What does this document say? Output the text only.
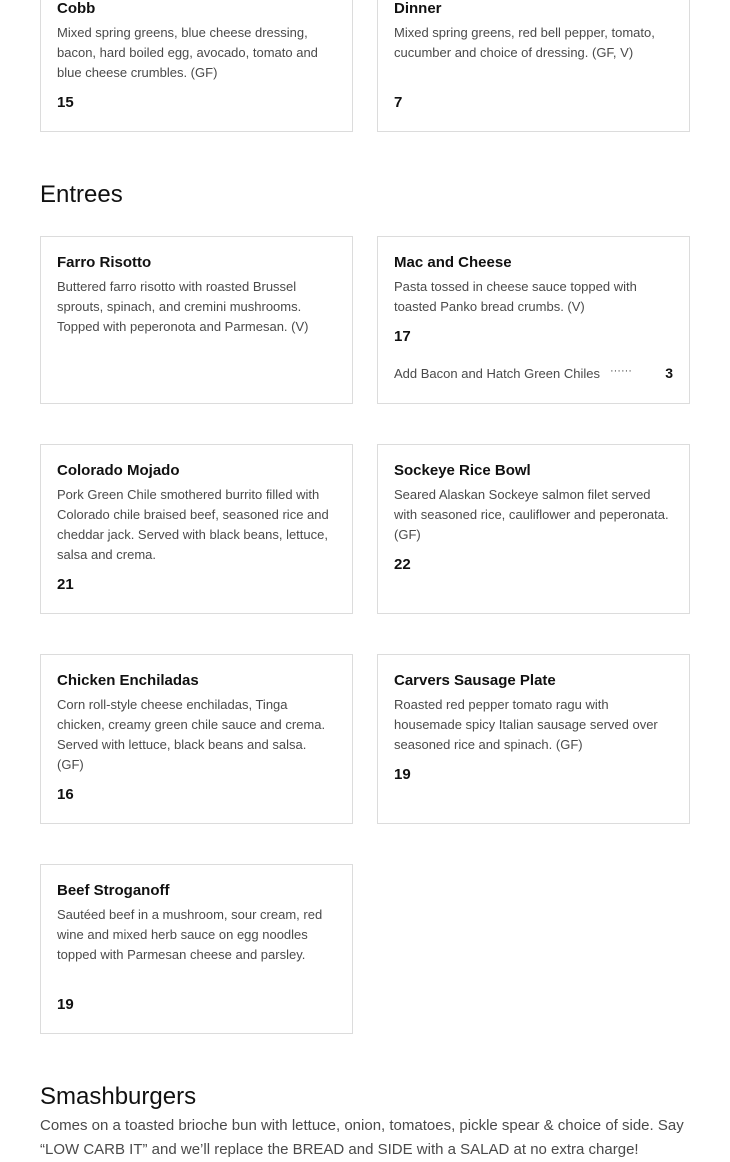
Cobb
Mixed spring greens, blue cheese dressing, bacon, hard boiled egg, avocado, tomato and blue cheese crumbles. (GF)
15
Dinner
Mixed spring greens, red bell pepper, tomato, cucumber and choice of dressing. (GF, V)
7
Entrees
Farro Risotto
Buttered farro risotto with roasted Brussel sprouts, spinach, and cremini mushrooms. Topped with peperonota and Parmesan. (V)
Mac and Cheese
Pasta tossed in cheese sauce topped with toasted Panko bread crumbs. (V)
17
Add Bacon and Hatch Green Chiles ······ 3
Colorado Mojado
Pork Green Chile smothered burrito filled with Colorado chile braised beef, seasoned rice and cheddar jack. Served with black beans, lettuce, salsa and crema.
21
Sockeye Rice Bowl
Seared Alaskan Sockeye salmon filet served with seasoned rice, cauliflower and peperonata. (GF)
22
Chicken Enchiladas
Corn roll-style cheese enchiladas, Tinga chicken, creamy green chile sauce and crema. Served with lettuce, black beans and salsa. (GF)
16
Carvers Sausage Plate
Roasted red pepper tomato ragu with housemade spicy Italian sausage served over seasoned rice and spinach. (GF)
19
Beef Stroganoff
Sautéed beef in a mushroom, sour cream, red wine and mixed herb sauce on egg noodles topped with Parmesan cheese and parsley.
19
Smashburgers
Comes on a toasted brioche bun with lettuce, onion, tomatoes, pickle spear & choice of side. Say “LOW CARB IT” and we’ll replace the BREAD and SIDE with a SALAD at no extra charge!
